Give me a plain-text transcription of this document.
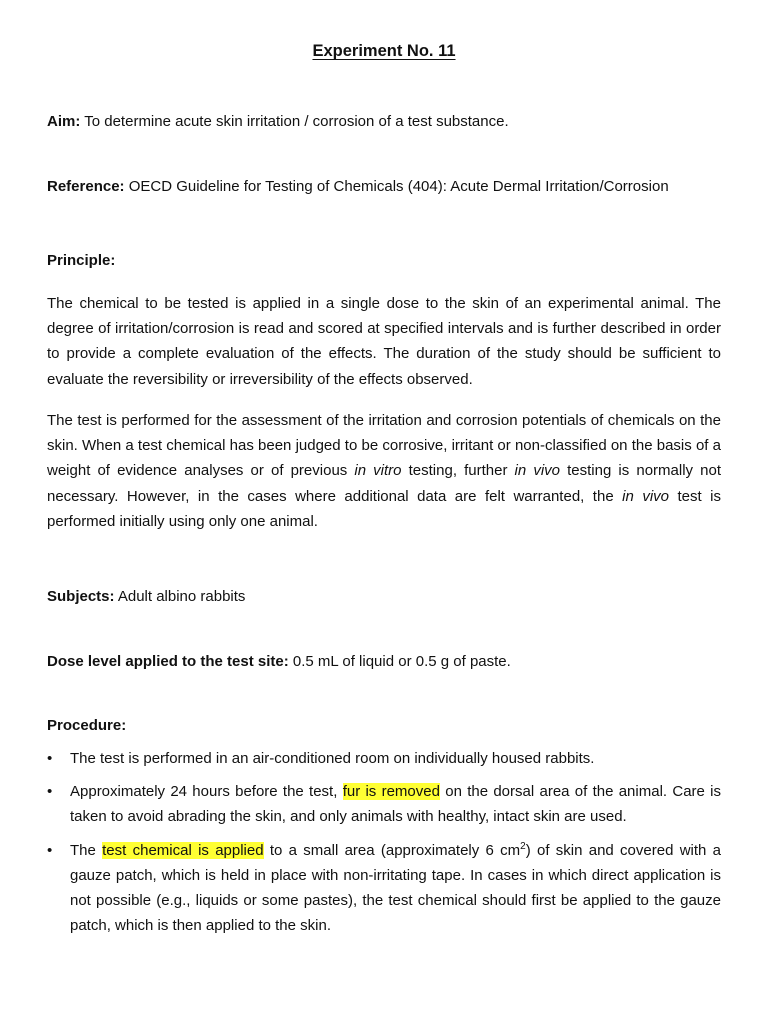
Experiment No. 11
Aim: To determine acute skin irritation / corrosion of a test substance.
Reference: OECD Guideline for Testing of Chemicals (404): Acute Dermal Irritation/Corrosion
Principle:
The chemical to be tested is applied in a single dose to the skin of an experimental animal. The degree of irritation/corrosion is read and scored at specified intervals and is further described in order to provide a complete evaluation of the effects. The duration of the study should be sufficient to evaluate the reversibility or irreversibility of the effects observed.
The test is performed for the assessment of the irritation and corrosion potentials of chemicals on the skin. When a test chemical has been judged to be corrosive, irritant or non-classified on the basis of a weight of evidence analyses or of previous in vitro testing, further in vivo testing is normally not necessary. However, in the cases where additional data are felt warranted, the in vivo test is performed initially using only one animal.
Subjects: Adult albino rabbits
Dose level applied to the test site: 0.5 mL of liquid or 0.5 g of paste.
Procedure:
• The test is performed in an air-conditioned room on individually housed rabbits.
• Approximately 24 hours before the test, fur is removed on the dorsal area of the animal. Care is taken to avoid abrading the skin, and only animals with healthy, intact skin are used.
• The test chemical is applied to a small area (approximately 6 $cm^2$) of skin and covered with a gauze patch, which is held in place with non-irritating tape. In cases in which direct application is not possible (e.g., liquids or some pastes), the test chemical should first be applied to the gauze patch, which is then applied to the skin.
